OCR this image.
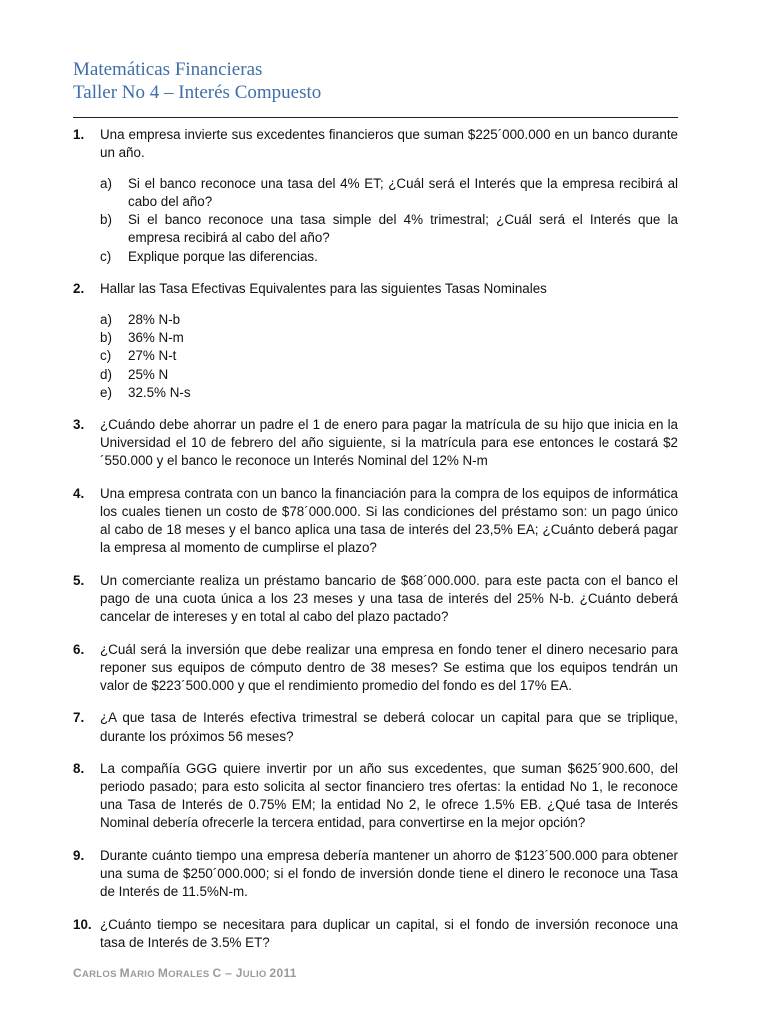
Matemáticas Financieras
Taller No 4 – Interés Compuesto
1.	Una empresa invierte sus excedentes financieros que suman $225´000.000 en un banco durante un año.
a)	Si el banco reconoce una tasa del 4% ET; ¿Cuál será el Interés que la empresa recibirá al cabo del año?
b)	Si el banco reconoce una tasa simple del 4% trimestral; ¿Cuál será el Interés que la empresa recibirá al cabo del año?
c)	Explique porque las diferencias.
2.	Hallar las Tasa Efectivas Equivalentes para las siguientes Tasas Nominales
a)	28% N-b
b)	36% N-m
c)	27% N-t
d)	25% N
e)	32.5% N-s
3.	¿Cuándo debe ahorrar un padre el 1 de enero para pagar la matrícula de su hijo que inicia en la Universidad el 10 de febrero del año siguiente, si la matrícula para ese entonces le costará $2´550.000 y el banco le reconoce un Interés Nominal del 12% N-m
4.	Una empresa contrata con un banco la financiación para la compra de los equipos de informática los cuales tienen un costo de $78´000.000. Si las condiciones del préstamo son: un pago único al cabo de 18 meses y el banco aplica una tasa de interés del 23,5% EA; ¿Cuánto deberá pagar la empresa al momento de cumplirse el plazo?
5.	Un comerciante realiza un préstamo bancario de $68´000.000. para este pacta con el banco el pago de una cuota única a los 23 meses y una tasa de interés del 25% N-b. ¿Cuánto deberá cancelar de intereses y en total al cabo del plazo pactado?
6.	¿Cuál será la inversión que debe realizar una empresa en fondo tener el dinero necesario para reponer sus equipos de cómputo dentro de 38 meses? Se estima que los equipos tendrán un valor de $223´500.000 y que el rendimiento promedio del fondo es del 17% EA.
7.	¿A que tasa de Interés efectiva trimestral se deberá colocar un capital para que se triplique, durante los próximos 56 meses?
8.	La compañía GGG quiere invertir por un año sus excedentes, que suman $625´900.600, del periodo pasado; para esto solicita al sector financiero tres ofertas: la entidad No 1, le reconoce una Tasa de Interés de 0.75% EM; la entidad No 2, le ofrece 1.5% EB. ¿Qué tasa de Interés Nominal debería ofrecerle la tercera entidad, para convertirse en la mejor opción?
9.	Durante cuánto tiempo una empresa debería mantener un ahorro de $123´500.000 para obtener una suma de $250´000.000; si el fondo de inversión donde tiene el dinero le reconoce una Tasa de Interés de 11.5%N-m.
10. ¿Cuánto tiempo se necesitara para duplicar un capital, si el fondo de inversión reconoce una tasa de Interés de 3.5% ET?
CARLOS MARIO MORALES C – JULIO 2011
